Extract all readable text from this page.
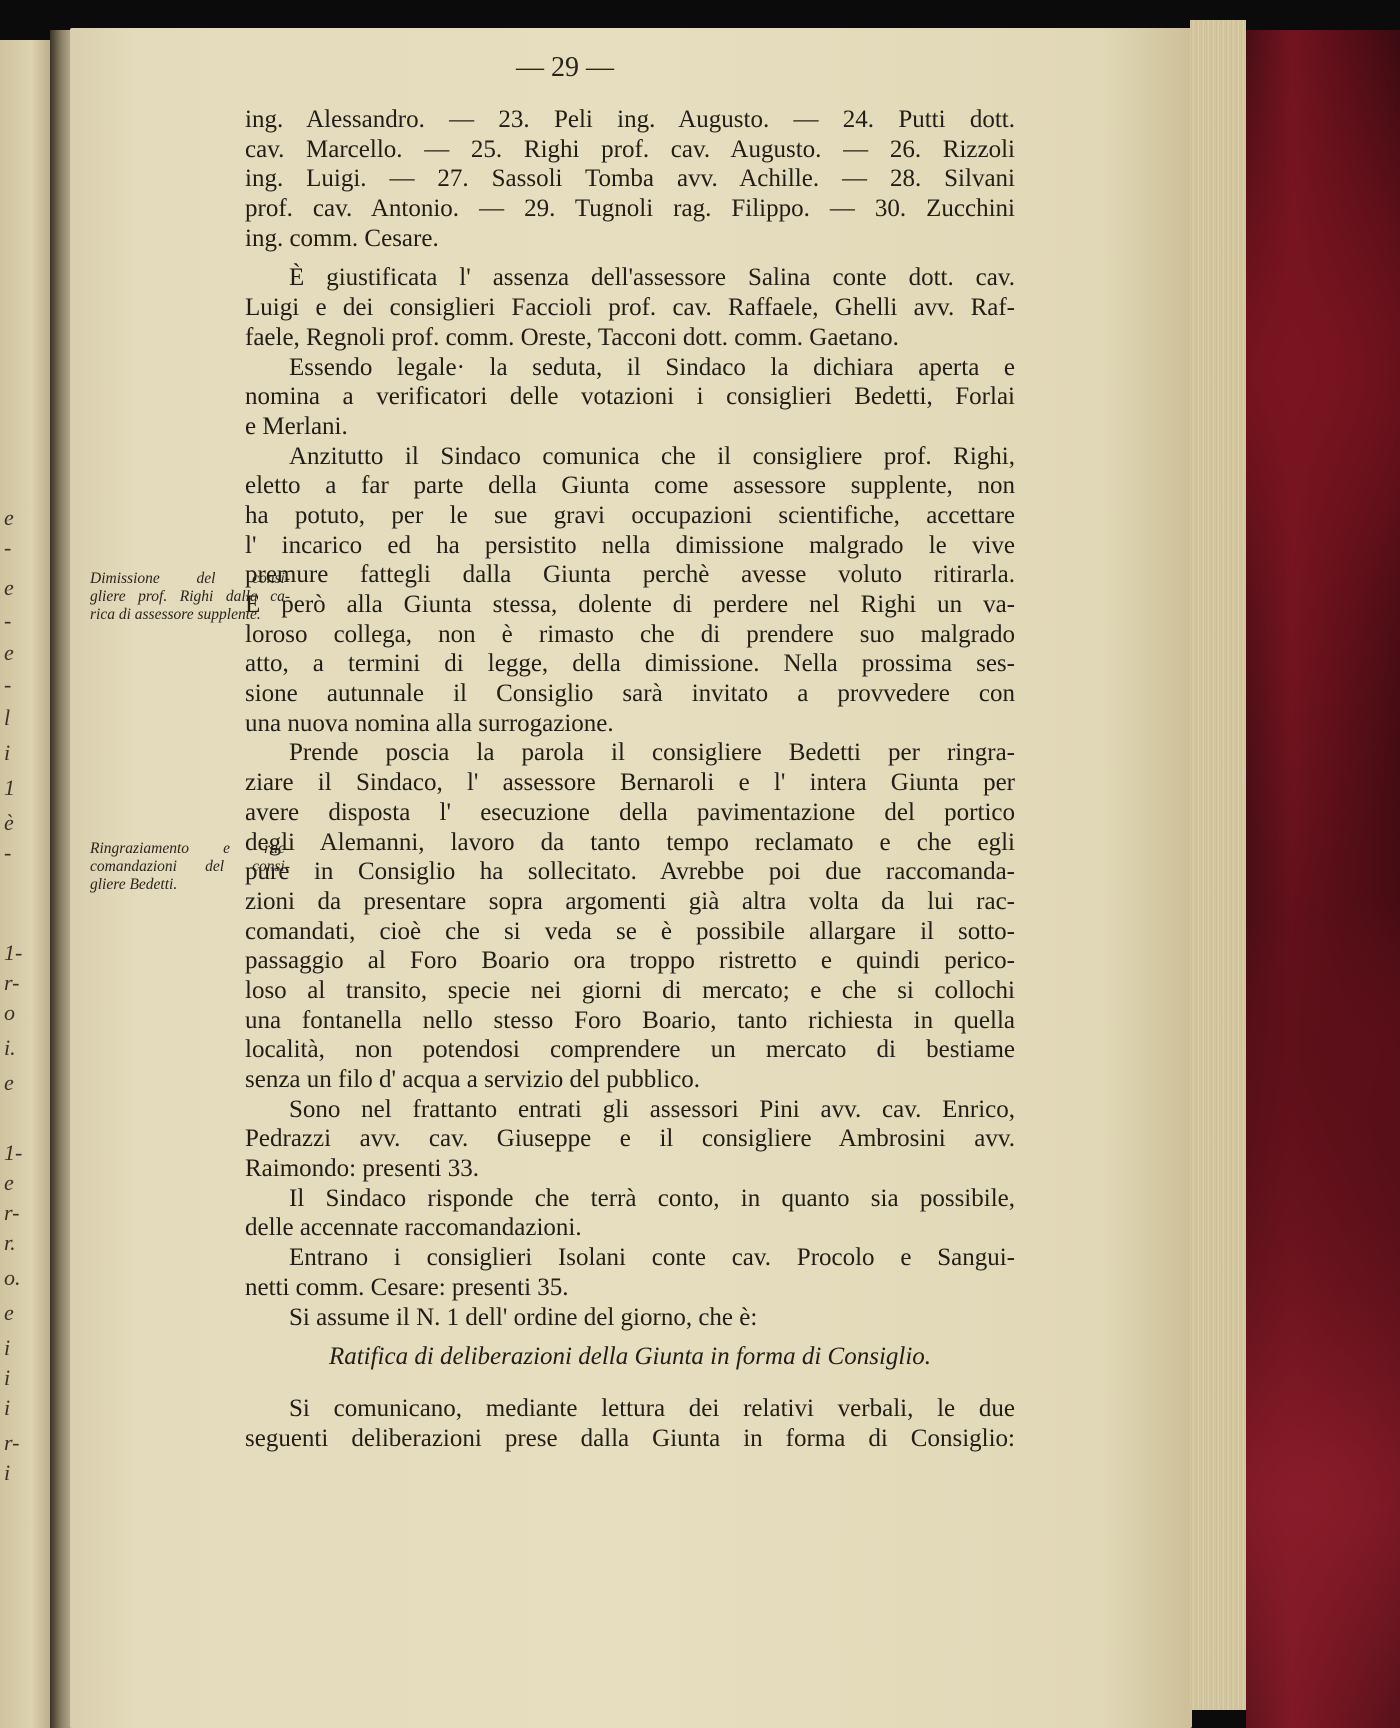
e
-
e
-
e
-
l
i
1
è
-
1-
r-
o
i.
e
1-
e
r-
r.
o.
e
i
i
i
r-
i
— 29 —
Dimissione del consi-
gliere prof. Righi dalla ca-
rica di assessore supplente.
Ringraziamento e rac-
comandazioni del consi-
gliere Bedetti.
ing. Alessandro. — 23. Peli ing. Augusto. — 24. Putti dott.
cav. Marcello. — 25. Righi prof. cav. Augusto. — 26. Rizzoli
ing. Luigi. — 27. Sassoli Tomba avv. Achille. — 28. Silvani
prof. cav. Antonio. — 29. Tugnoli rag. Filippo. — 30. Zucchini
ing. comm. Cesare.
È giustificata l' assenza dell'assessore Salina conte dott. cav.
Luigi e dei consiglieri Faccioli prof. cav. Raffaele, Ghelli avv. Raf-
faele, Regnoli prof. comm. Oreste, Tacconi dott. comm. Gaetano.
Essendo legale· la seduta, il Sindaco la dichiara aperta e
nomina a verificatori delle votazioni i consiglieri Bedetti, Forlai
e Merlani.
Anzitutto il Sindaco comunica che il consigliere prof. Righi,
eletto a far parte della Giunta come assessore supplente, non
ha potuto, per le sue gravi occupazioni scientifiche, accettare
l' incarico ed ha persistito nella dimissione malgrado le vive
premure fattegli dalla Giunta perchè avesse voluto ritirarla.
E però alla Giunta stessa, dolente di perdere nel Righi un va-
loroso collega, non è rimasto che di prendere suo malgrado
atto, a termini di legge, della dimissione. Nella prossima ses-
sione autunnale il Consiglio sarà invitato a provvedere con
una nuova nomina alla surrogazione.
Prende poscia la parola il consigliere Bedetti per ringra-
ziare il Sindaco, l' assessore Bernaroli e l' intera Giunta per
avere disposta l' esecuzione della pavimentazione del portico
degli Alemanni, lavoro da tanto tempo reclamato e che egli
pure in Consiglio ha sollecitato. Avrebbe poi due raccomanda-
zioni da presentare sopra argomenti già altra volta da lui rac-
comandati, cioè che si veda se è possibile allargare il sotto-
passaggio al Foro Boario ora troppo ristretto e quindi perico-
loso al transito, specie nei giorni di mercato; e che si collochi
una fontanella nello stesso Foro Boario, tanto richiesta in quella
località, non potendosi comprendere un mercato di bestiame
senza un filo d' acqua a servizio del pubblico.
Sono nel frattanto entrati gli assessori Pini avv. cav. Enrico,
Pedrazzi avv. cav. Giuseppe e il consigliere Ambrosini avv.
Raimondo: presenti 33.
Il Sindaco risponde che terrà conto, in quanto sia possibile,
delle accennate raccomandazioni.
Entrano i consiglieri Isolani conte cav. Procolo e Sangui-
netti comm. Cesare: presenti 35.
Si assume il N. 1 dell' ordine del giorno, che è:
Ratifica di deliberazioni della Giunta in forma di Consiglio.
Si comunicano, mediante lettura dei relativi verbali, le due
seguenti deliberazioni prese dalla Giunta in forma di Consiglio:
